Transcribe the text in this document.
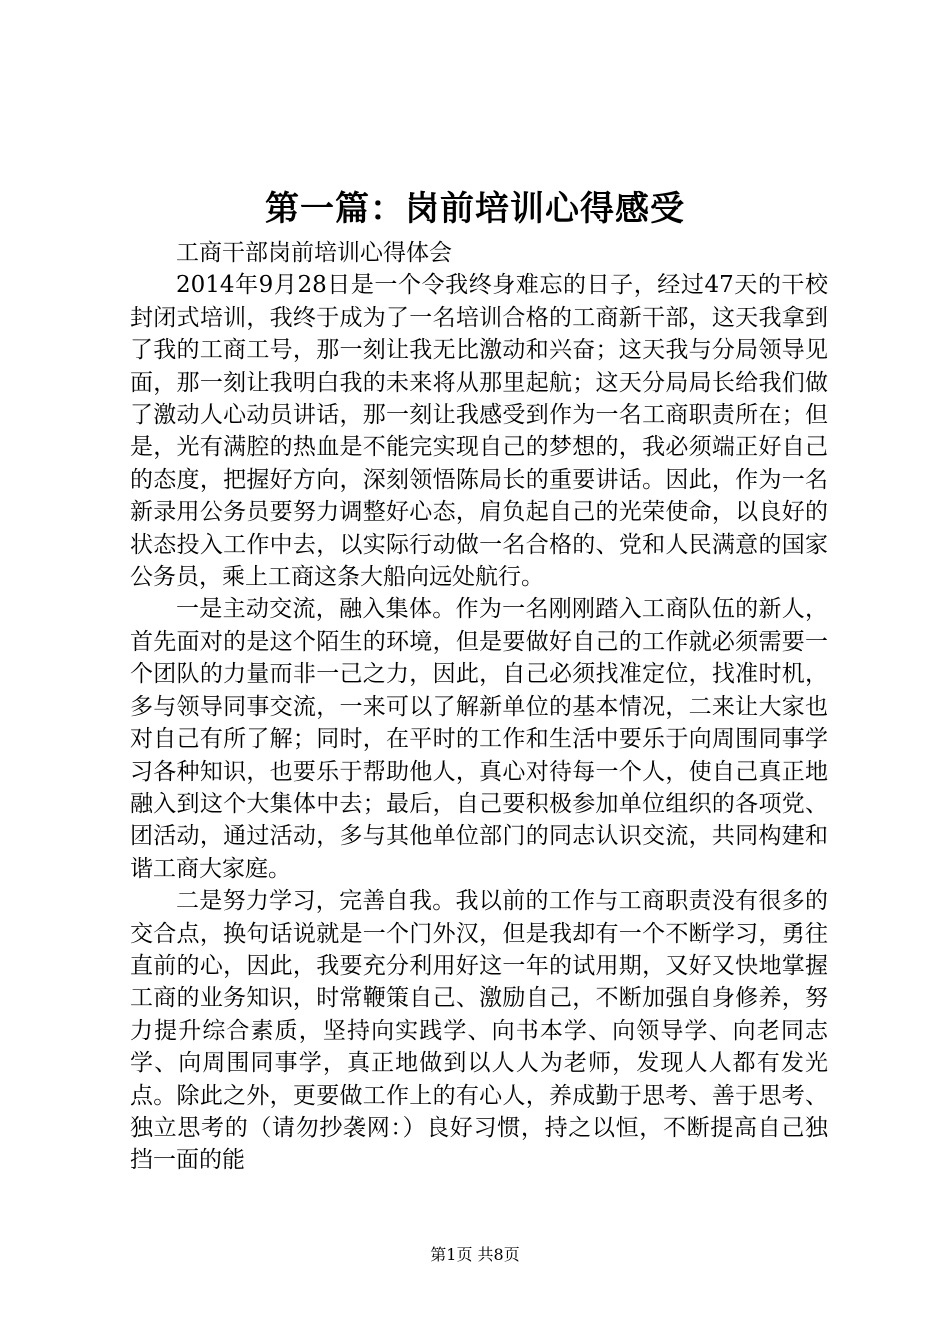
第一篇：岗前培训心得感受

工商干部岗前培训心得体会

2014年9月28日是一个令我终身难忘的日子，经过47天的干校封闭式培训，我终于成为了一名培训合格的工商新干部，这天我拿到了我的工商工号，那一刻让我无比激动和兴奋；这天我与分局领导见面，那一刻让我明白我的未来将从那里起航；这天分局局长给我们做了激动人心动员讲话，那一刻让我感受到作为一名工商职责所在；但是，光有满腔的热血是不能完实现自己的梦想的，我必须端正好自己的态度，把握好方向，深刻领悟陈局长的重要讲话。因此，作为一名新录用公务员要努力调整好心态，肩负起自己的光荣使命，以良好的状态投入工作中去，以实际行动做一名合格的、党和人民满意的国家公务员，乘上工商这条大船向远处航行。

一是主动交流，融入集体。作为一名刚刚踏入工商队伍的新人，首先面对的是这个陌生的环境，但是要做好自己的工作就必须需要一个团队的力量而非一己之力，因此，自己必须找准定位，找准时机，多与领导同事交流，一来可以了解新单位的基本情况，二来让大家也对自己有所了解；同时，在平时的工作和生活中要乐于向周围同事学习各种知识，也要乐于帮助他人，真心对待每一个人，使自己真正地融入到这个大集体中去；最后，自己要积极参加单位组织的各项党、团活动，通过活动，多与其他单位部门的同志认识交流，共同构建和谐工商大家庭。

二是努力学习，完善自我。我以前的工作与工商职责没有很多的交合点，换句话说就是一个门外汉，但是我却有一个不断学习，勇往直前的心，因此，我要充分利用好这一年的试用期，又好又快地掌握工商的业务知识，时常鞭策自己、激励自己，不断加强自身修养，努力提升综合素质，坚持向实践学、向书本学、向领导学、向老同志学、向周围同事学，真正地做到以人人为老师，发现人人都有发光点。除此之外，更要做工作上的有心人，养成勤于思考、善于思考、独立思考的（请勿抄袭网：）良好习惯，持之以恒，不断提高自己独挡一面的能

第1页 共8页
